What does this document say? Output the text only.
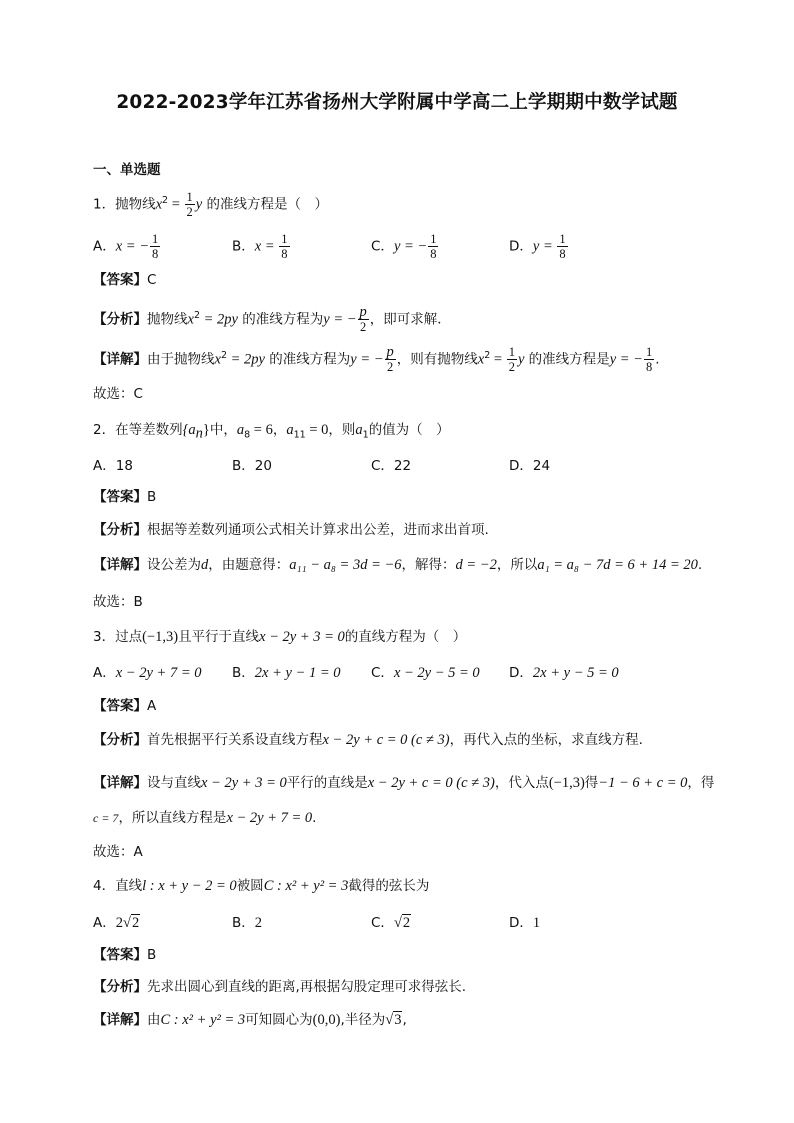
2022-2023学年江苏省扬州大学附属中学高二上学期期中数学试题
一、单选题
1．抛物线$x^2 = \frac{1}{2}$ y 的准线方程是（　）
A．x = − $\frac{1}{8}$	B．$x = \frac{1}{8}$	C．y = − $\frac{1}{8}$	D．$y = \frac{1}{8}$
【答案】C
【分析】抛物线$x^2 = 2py$ 的准线方程为y = − $\frac{p}{2}$ ，即可求解．
【详解】由于抛物线$x^2 = 2py$ 的准线方程为y = − $\frac{p}{2}$ ，则有抛物线$x^2 = \frac{1}{2}$ y 的准线方程是y = − $\frac{1}{8}$ .
故选：C
2．在等差数列$\{a_n\}$中，$a_8 = 6$，$a_{11} = 0$，则$a_1$的值为（　）
A．18	B．20	C．22	D．24
【答案】B
【分析】根据等差数列通项公式相关计算求出公差，进而求出首项.
【详解】设公差为d，由题意得：a₁₁ − a₈ = 3d = −6，解得：d = −2，所以a₁ = a₈ − 7d = 6 + 14 = 20.
故选：B
3．过点(−1,3)且平行于直线x − 2y + 3 = 0的直线方程为（　）
A．x − 2y + 7 = 0 B．2x + y − 1 = 0 C．x − 2y − 5 = 0 D．2x + y − 5 = 0
【答案】A
【分析】首先根据平行关系设直线方程x − 2y + c = 0 (c ≠ 3)，再代入点的坐标，求直线方程.
【详解】设与直线x − 2y + 3 = 0平行的直线是x − 2y + c = 0 (c ≠ 3)，代入点(−1,3)得−1 − 6 + c = 0，得
c = 7，所以直线方程是x − 2y + 7 = 0.
故选：A
4．直线l : x + y − 2 = 0被圆C : x² + y² = 3截得的弦长为
A．2√2	B．2	C．√2	D．1
【答案】B
【分析】先求出圆心到直线的距离,再根据勾股定理可求得弦长.
【详解】由C : x² + y² = 3可知圆心为(0,0),半径为√3,
